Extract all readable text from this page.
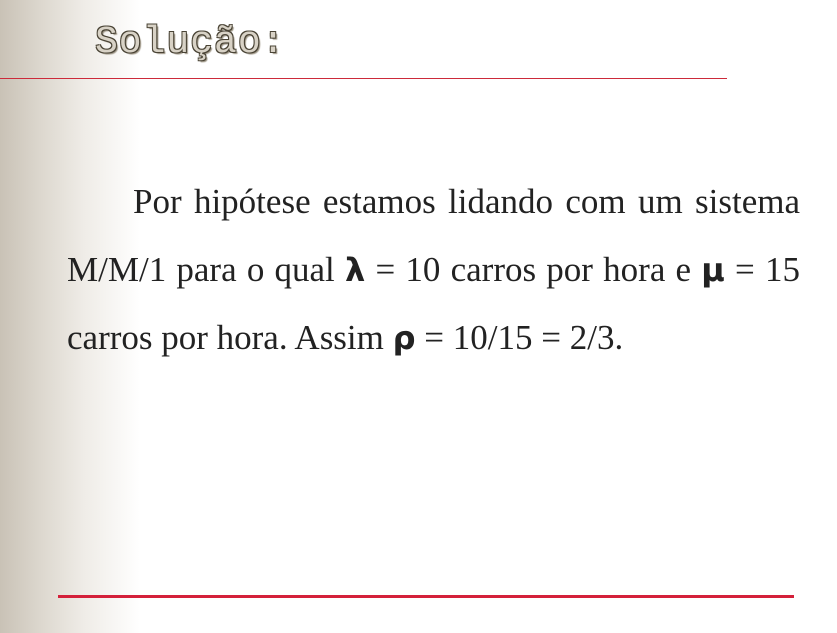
Solução:

Por hipótese estamos lidando com um sistema M/M/1 para o qual λ = 10 carros por hora e μ = 15 carros por hora. Assim ρ = 10/15 = 2/3.
